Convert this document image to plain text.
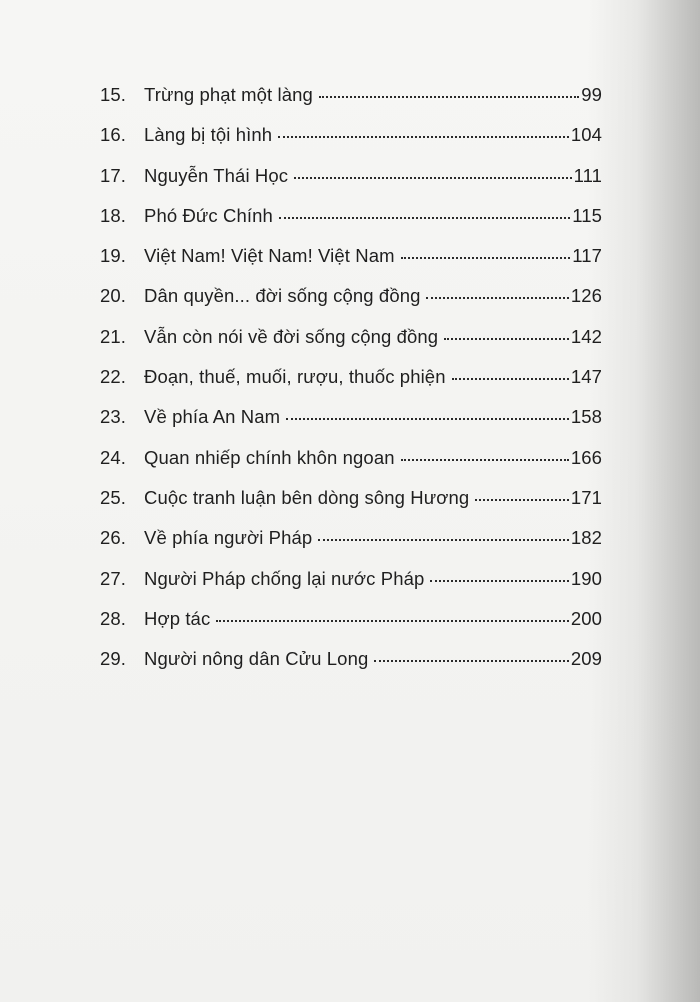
15. Trừng phạt một làng	99
16. Làng bị tội hình	104
17. Nguyễn Thái Học	111
18. Phó Đức Chính	115
19. Việt Nam! Việt Nam! Việt Nam	117
20. Dân quyền... đời sống cộng đồng	126
21. Vẫn còn nói về đời sống cộng đồng	142
22. Đoạn, thuế, muối, rượu, thuốc phiện	147
23. Về phía An Nam	158
24. Quan nhiếp chính khôn ngoan	166
25. Cuộc tranh luận bên dòng sông Hương	171
26. Về phía người Pháp	182
27. Người Pháp chống lại nước Pháp	190
28. Hợp tác	200
29. Người nông dân Cửu Long	209
